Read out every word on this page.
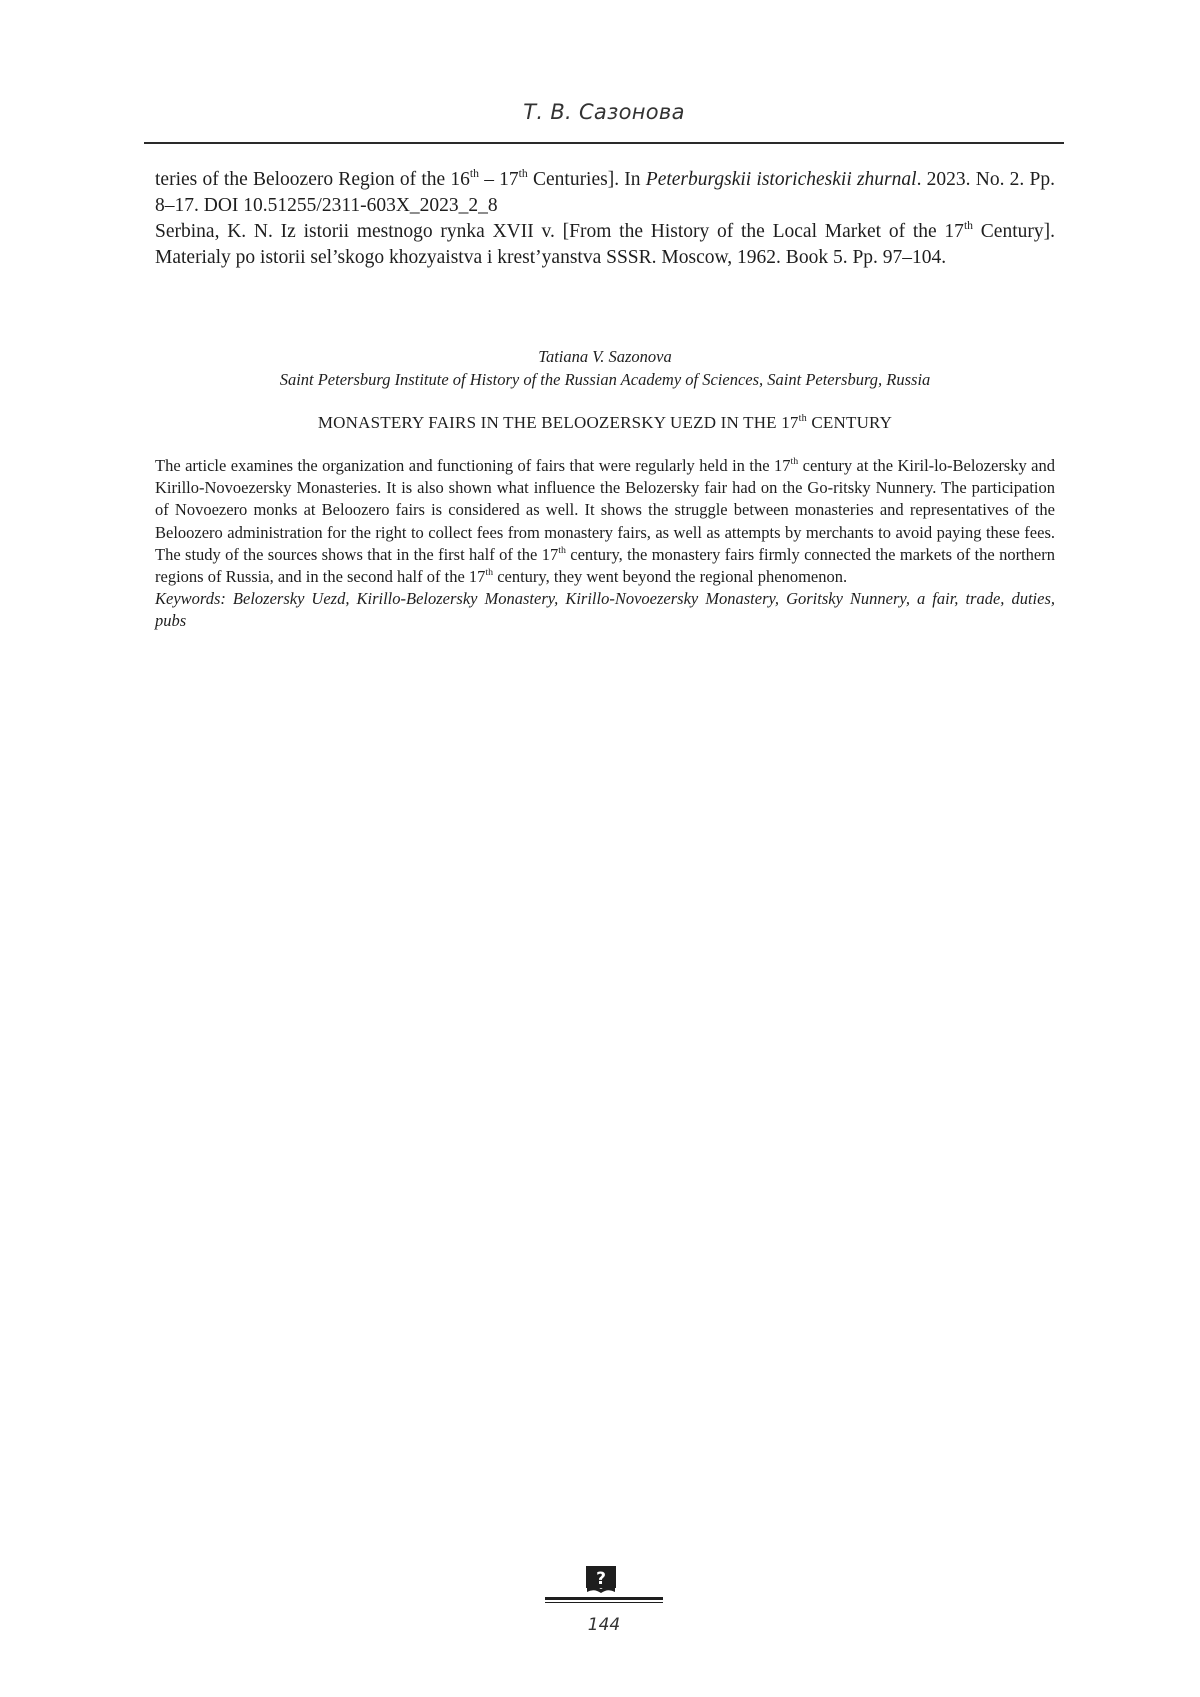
Т. В. Сазонова

teries of the Beloozero Region of the 16th – 17th Centuries]. In Peterburgskii istoricheskii zhurnal. 2023. No. 2. Pp. 8–17. DOI 10.51255/2311-603X_2023_2_8

Serbina, K. N. Iz istorii mestnogo rynka XVII v. [From the History of the Local Market of the 17th Century]. Materialy po istorii sel’skogo khozyaistva i krest’yanstva SSSR. Moscow, 1962. Book 5. Pp. 97–104.

Tatiana V. Sazonova
Saint Petersburg Institute of History of the Russian Academy of Sciences, Saint Petersburg, Russia
MONASTERY FAIRS IN THE BELOOZERSKY UEZD IN THE 17th CENTURY

The article examines the organization and functioning of fairs that were regularly held in the 17th century at the Kiril-lo-Belozersky and Kirillo-Novoezersky Monasteries. It is also shown what influence the Belozersky fair had on the Go-ritsky Nunnery. The participation of Novoezero monks at Beloozero fairs is considered as well. It shows the struggle between monasteries and representatives of the Beloozero administration for the right to collect fees from monastery fairs, as well as attempts by merchants to avoid paying these fees. The study of the sources shows that in the first half of the 17th century, the monastery fairs firmly connected the markets of the northern regions of Russia, and in the second half of the 17th century, they went beyond the regional phenomenon.

Keywords: Belozersky Uezd, Kirillo-Belozersky Monastery, Kirillo-Novoezersky Monastery, Goritsky Nunnery, a fair, trade, duties, pubs

?
144
